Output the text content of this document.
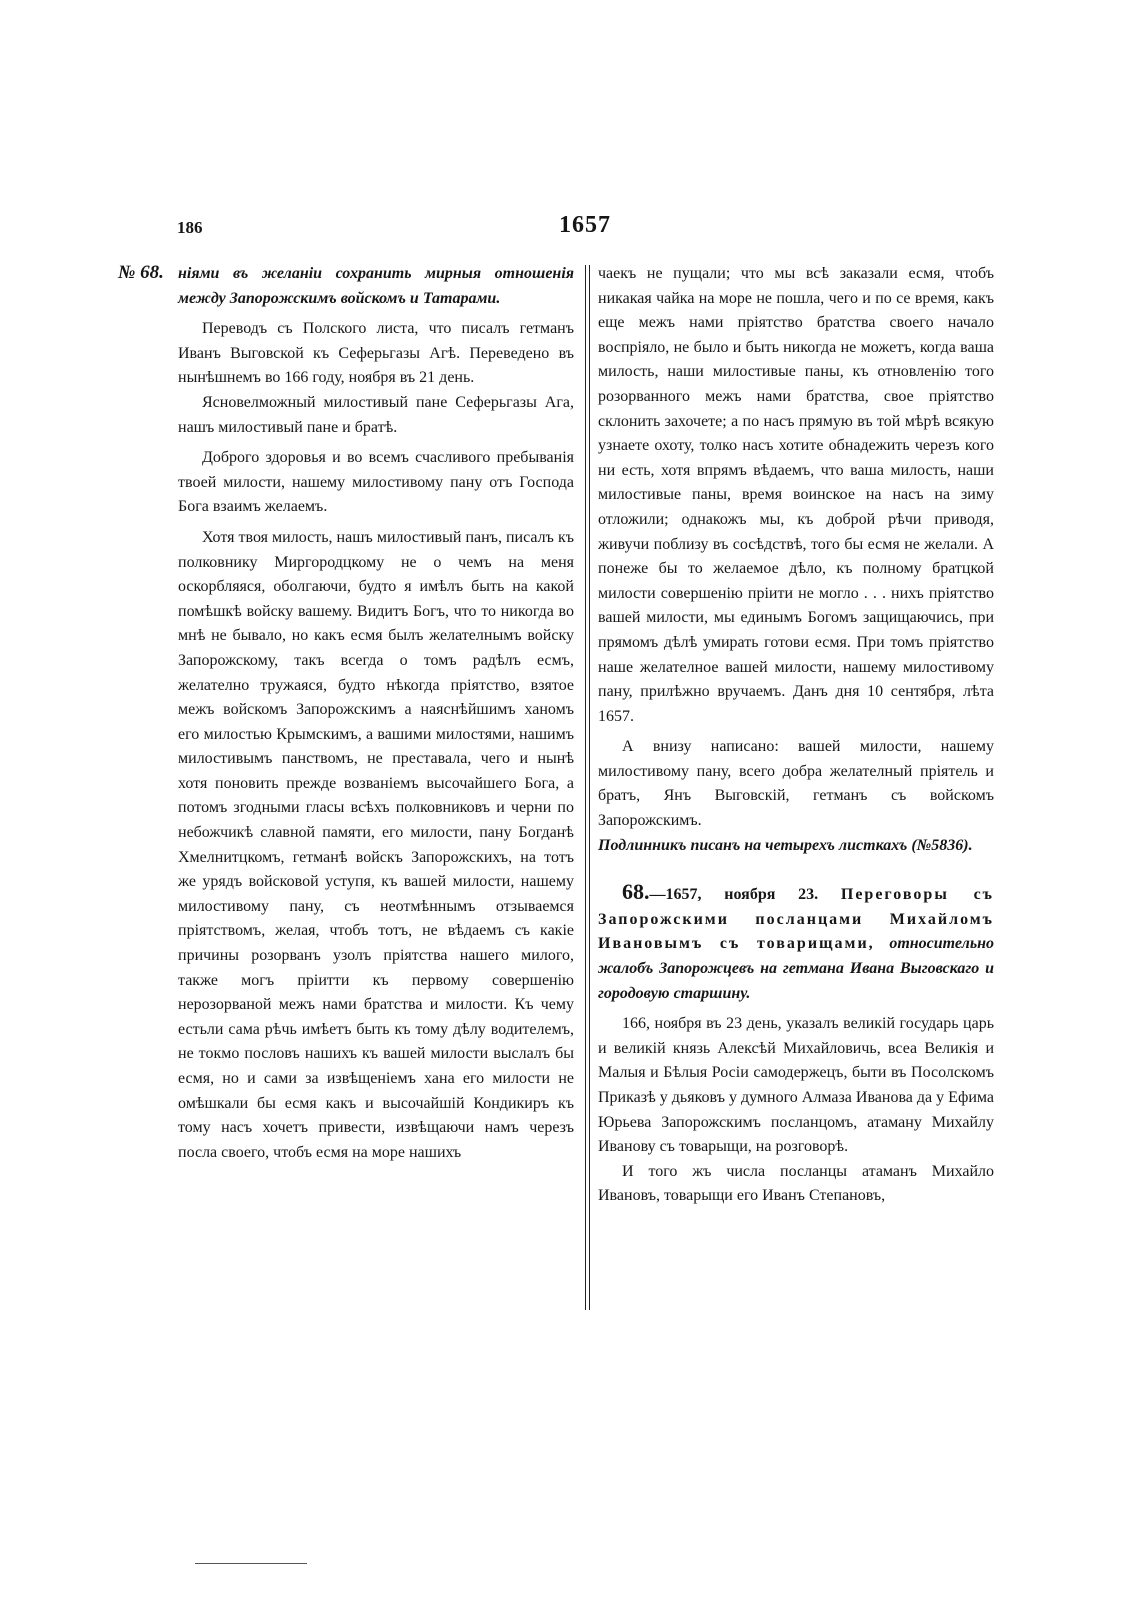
186	1657
№ 68. ніями въ желаніи сохранить мирныя отношенія между Запорожскимъ войскомъ и Татарами.

Переводъ съ Полского листа, что писалъ гетманъ Иванъ Выговской къ Сеферьгазы Агѣ. Переведено въ нынѣшнемъ во 166 году, ноября въ 21 день.

Ясновелможный милостивый пане Сеферьгазы Ага, нашъ милостивый пане и братѣ.

Доброго здоровья и во всемъ счасливого пребыванія твоей милости, нашему милостивому пану отъ Господа Бога взаимъ желаемъ.

Хотя твоя милость, нашъ милостивый панъ, писалъ къ полковнику Миргородцкому не о чемъ на меня оскорбляяся, оболгаючи, будто я имѣлъ быть на какой помѣшкѣ войску вашему. Видитъ Богъ, что то никогда во мнѣ не бывало, но какъ есмя былъ желателнымъ войску Запорожскому, такъ всегда о томъ радѣлъ есмъ, желателно тружаяся, будто нѣкогда пріятство, взятое межъ войскомъ Запорожскимъ а наяснѣйшимъ ханомъ его милостью Крымскимъ, а вашими милостями, нашимъ милостивымъ панствомъ, не преставала, чего и нынѣ хотя поновить прежде возванiемъ высочайшего Бога, а потомъ згодными гласы всѣхъ полковниковъ и черни по небожчикѣ славной памяти, его милости, пану Богданѣ Хмелнитцкомъ, гетманѣ войскъ Запорожскихъ, на тотъ же урядъ войсковой уступя, къ вашей милости, нашему милостивому пану, съ неотмѣннымъ отзываемся пріятствомъ, желая, чтобъ тотъ, не вѣдаемъ съ какіе причины розорванъ узолъ пріятства нашего милого, также могъ пріитти къ первому совершенію нерозорваной межъ нами братства и милости. Къ чему естьли сама рѣчь имѣетъ быть къ тому дѣлу водителемъ, не токмо пословъ нашихъ къ вашей милости выслалъ бы есмя, но и сами за извѣщенiемъ хана его милости не омѣшкали бы есмя какъ и высочайшій Кондикиръ къ тому насъ хочетъ привести, извѣщаючи намъ черезъ посла своего, чтобъ есмя на море нашихъ

чаекъ не пущали; что мы всѣ заказали есмя, чтобъ никакая чайка на море не пошла, чего и по се время, какъ еще межъ нами пріятство братства своего начало воспріяло, не было и быть никогда не можетъ, когда ваша милость, наши милостивые паны, къ отновленію того розорванного межъ нами братства, свое пріятство склонить захочете; а по насъ прямую въ той мѣрѣ всякую узнаете охоту, толко насъ хотите обнадежить черезъ кого ни есть, хотя впрямъ вѣдаемъ, что ваша милость, наши милостивые паны, время воинское на насъ на зиму отложили; однакожъ мы, къ доброй рѣчи приводя, живучи поблизу въ сосѣдствѣ, того бы есмя не желали. А понеже бы то желаемое дѣло, къ полному братцкой милости совершенію пріити не могло . . . нихъ пріятство вашей милости, мы единымъ Богомъ защищаючись, при прямомъ дѣлѣ умирать готови есмя. При томъ пріятство наше желателное вашей милости, нашему милостивому пану, прилѣжно вручаемъ. Данъ дня 10 сентября, лѣта 1657.

А внизу написано: вашей милости, нашему милостивому пану, всего добра желателный пріятель и братъ, Янъ Выговскій, гетманъ съ войскомъ Запорожскимъ.

Подлинникъ писанъ на четырехъ листкахъ (№5836).

68.—1657, ноября 23. Переговоры съ Запорожскими посланцами Михайломъ Ивановымъ съ товарищами, относительно жалобъ Запорожцевъ на гетмана Ивана Выговскаго и городовую старшину.

166, ноября въ 23 день, указалъ великій государь царь и великій князь Алексѣй Михайловичь, всеа Великія и Малыя и Бѣлыя Росіи самодержецъ, быти въ Посолскомъ Приказѣ у дьяковъ у думного Алмаза Иванова да у Ефима Юрьева Запорожскимъ посланцомъ, атаману Михайлу Иванову съ товарыщи, на розговорѣ.

И того жъ числа посланцы атаманъ Михайло Ивановъ, товарыщи его Иванъ Степановъ,
